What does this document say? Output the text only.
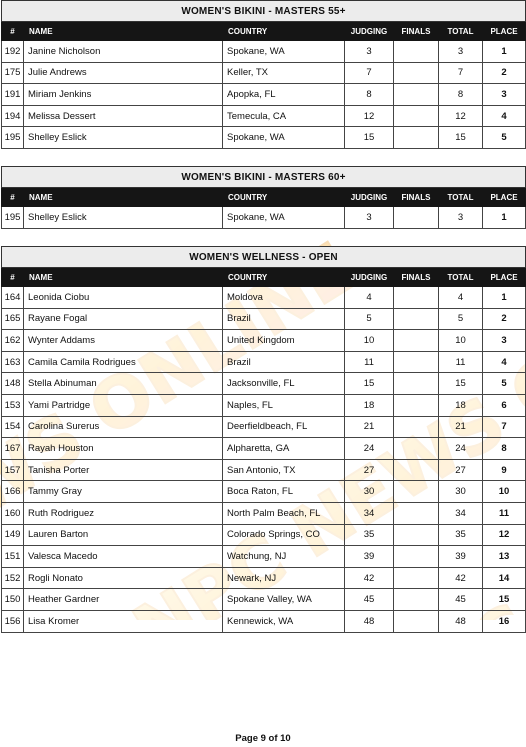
WOMEN'S BIKINI - MASTERS 55+						
#	NAME	COUNTRY	JUDGING	FINALS	TOTAL	PLACE
192	Janine Nicholson	Spokane, WA	3		3	1
175	Julie Andrews	Keller, TX	7		7	2
191	Miriam Jenkins	Apopka, FL	8		8	3
194	Melissa Dessert	Temecula, CA	12		12	4
195	Shelley Eslick	Spokane, WA	15		15	5
WOMEN'S BIKINI - MASTERS 60+						
#	NAME	COUNTRY	JUDGING	FINALS	TOTAL	PLACE
195	Shelley Eslick	Spokane, WA	3		3	1
WOMEN'S WELLNESS - OPEN						
#	NAME	COUNTRY	JUDGING	FINALS	TOTAL	PLACE
164	Leonida Ciobu	Moldova	4		4	1
165	Rayane Fogal	Brazil	5		5	2
162	Wynter Addams	United Kingdom	10		10	3
163	Camila Camila Rodrigues	Brazil	11		11	4
148	Stella Abinuman	Jacksonville, FL	15		15	5
153	Yami Partridge	Naples, FL	18		18	6
154	Carolina Surerus	Deerfieldbeach, FL	21		21	7
167	Rayah Houston	Alpharetta, GA	24		24	8
157	Tanisha Porter	San Antonio, TX	27		27	9
166	Tammy Gray	Boca Raton, FL	30		30	10
160	Ruth Rodriguez	North Palm Beach, FL	34		34	11
149	Lauren Barton	Colorado Springs, CO	35		35	12
151	Valesca Macedo	Watchung, NJ	39		39	13
152	Rogli Nonato	Newark, NJ	42		42	14
150	Heather Gardner	Spokane Valley, WA	45		45	15
156	Lisa Kromer	Kennewick, WA	48		48	16
Page 9 of 10
